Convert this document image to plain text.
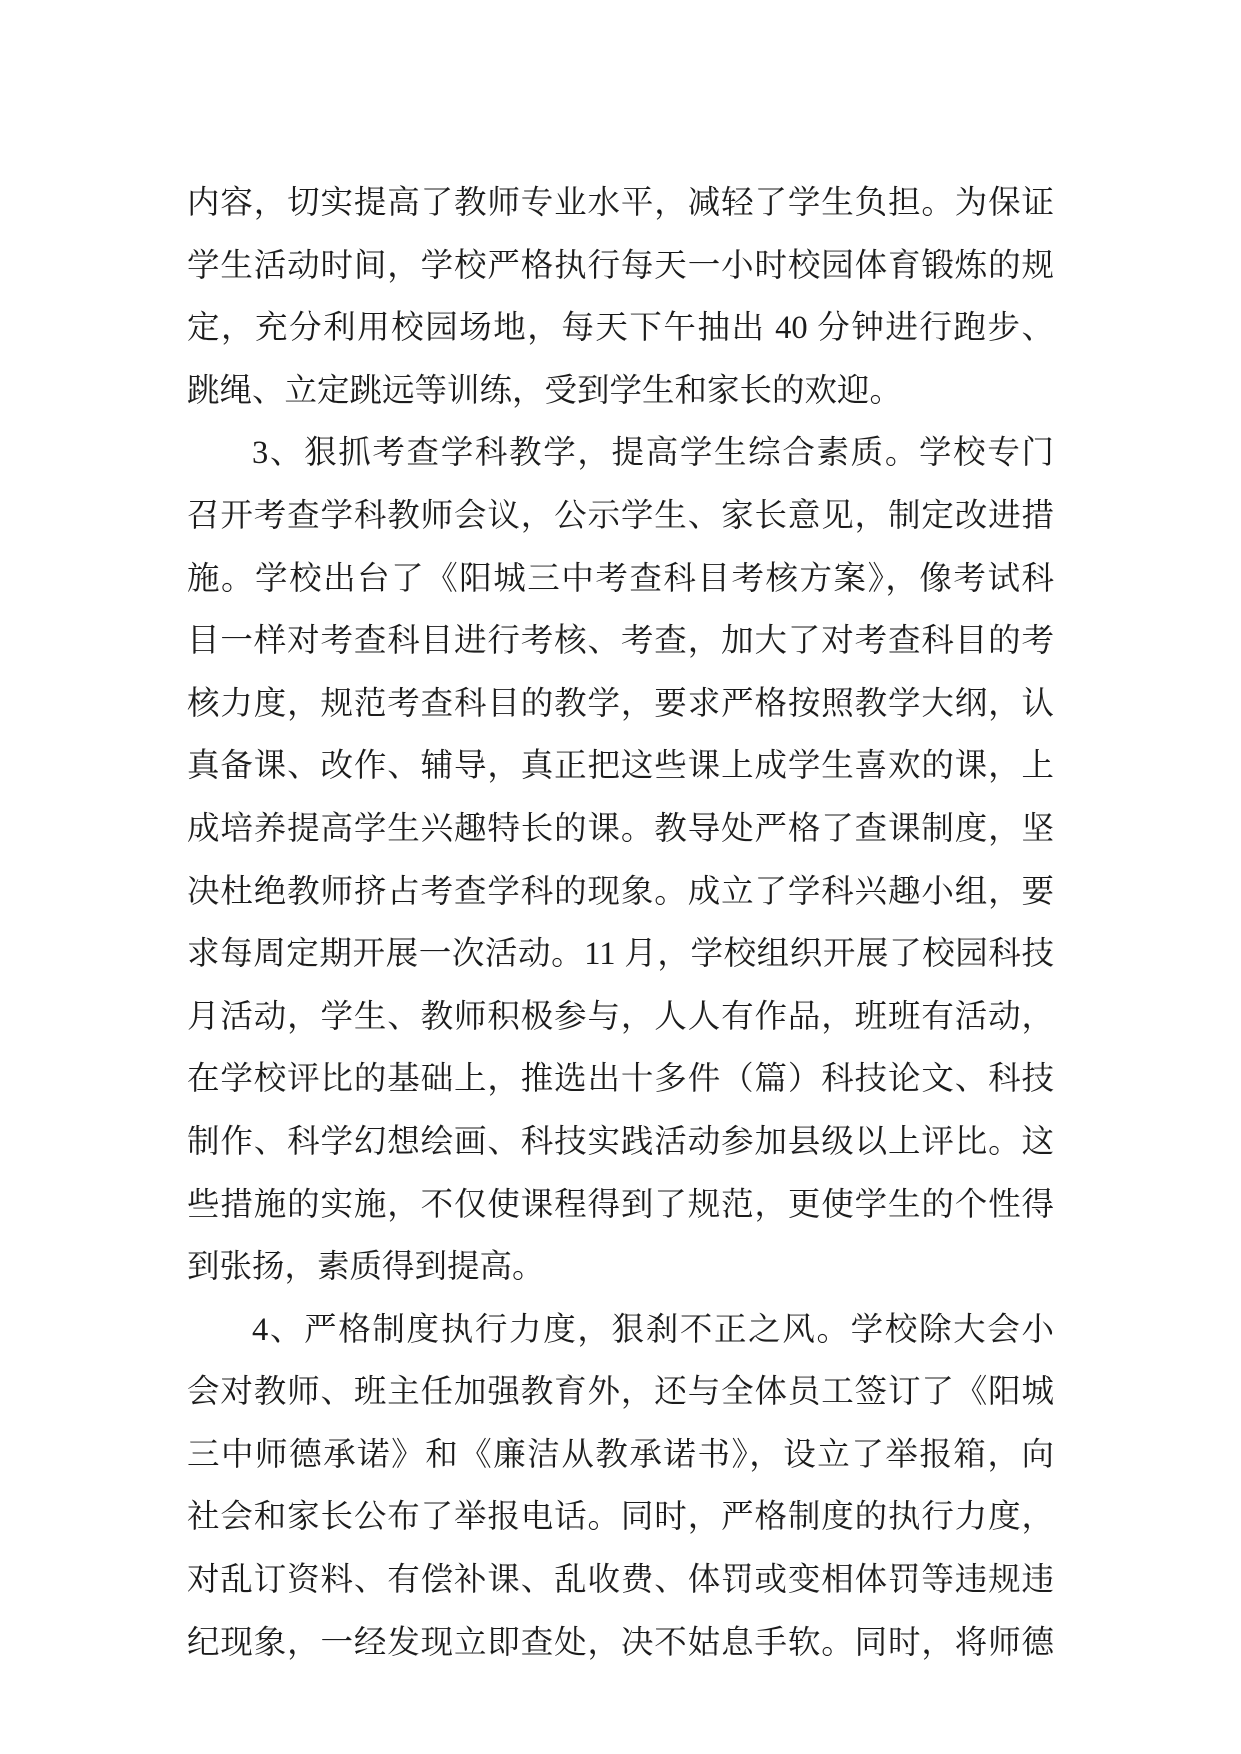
内容，切实提高了教师专业水平，减轻了学生负担。为保证
学生活动时间，学校严格执行每天一小时校园体育锻炼的规
定，充分利用校园场地，每天下午抽出 40 分钟进行跑步、
跳绳、立定跳远等训练，受到学生和家长的欢迎。
3、狠抓考查学科教学，提高学生综合素质。学校专门
召开考查学科教师会议，公示学生、家长意见，制定改进措
施。学校出台了《阳城三中考查科目考核方案》，像考试科
目一样对考查科目进行考核、考查，加大了对考查科目的考
核力度，规范考查科目的教学，要求严格按照教学大纲，认
真备课、改作、辅导，真正把这些课上成学生喜欢的课，上
成培养提高学生兴趣特长的课。教导处严格了查课制度，坚
决杜绝教师挤占考查学科的现象。成立了学科兴趣小组，要
求每周定期开展一次活动。11 月，学校组织开展了校园科技
月活动，学生、教师积极参与，人人有作品，班班有活动，
在学校评比的基础上，推选出十多件（篇）科技论文、科技
制作、科学幻想绘画、科技实践活动参加县级以上评比。这
些措施的实施，不仅使课程得到了规范，更使学生的个性得
到张扬，素质得到提高。
4、严格制度执行力度，狠刹不正之风。学校除大会小
会对教师、班主任加强教育外，还与全体员工签订了《阳城
三中师德承诺》和《廉洁从教承诺书》，设立了举报箱，向
社会和家长公布了举报电话。同时，严格制度的执行力度，
对乱订资料、有偿补课、乱收费、体罚或变相体罚等违规违
纪现象，一经发现立即查处，决不姑息手软。同时，将师德
